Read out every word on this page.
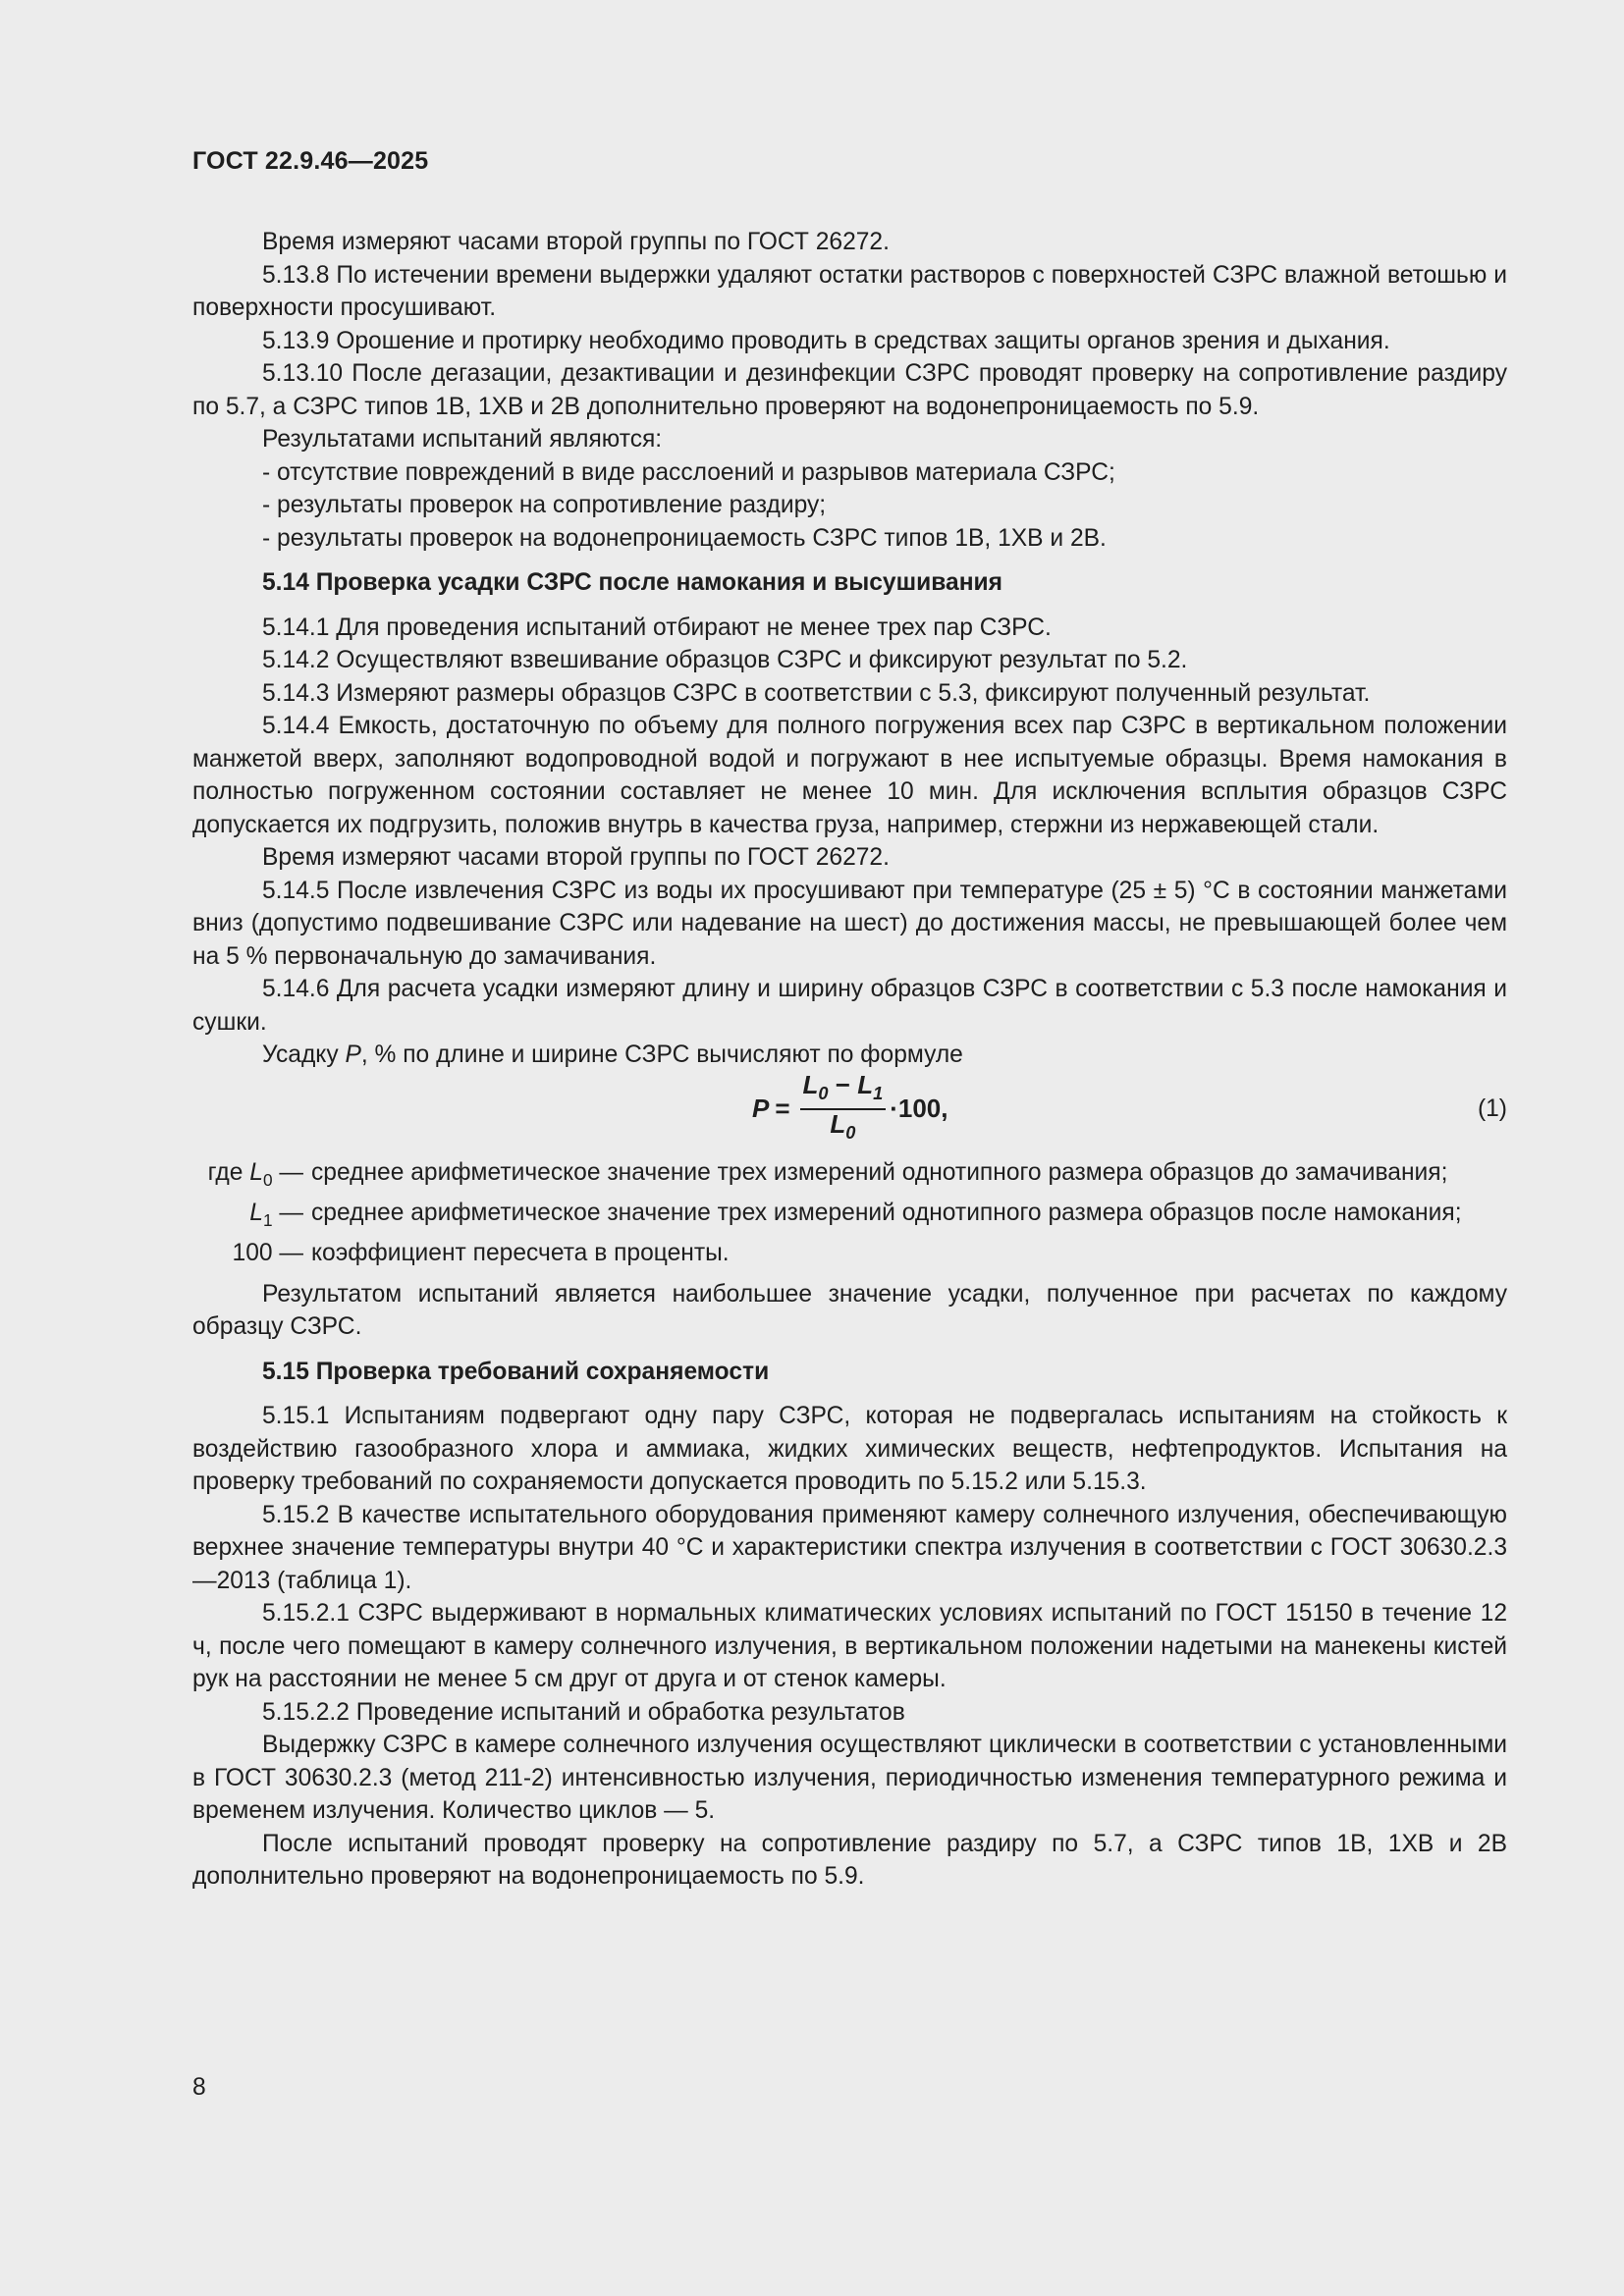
ГОСТ 22.9.46—2025

Время измеряют часами второй группы по ГОСТ 26272.

5.13.8 По истечении времени выдержки удаляют остатки растворов с поверхностей СЗРС влажной ветошью и поверхности просушивают.

5.13.9 Орошение и протирку необходимо проводить в средствах защиты органов зрения и дыхания.

5.13.10 После дегазации, дезактивации и дезинфекции СЗРС проводят проверку на сопротивление раздиру по 5.7, а СЗРС типов 1В, 1ХВ и 2В дополнительно проверяют на водонепроницаемость по 5.9.

Результатами испытаний являются:

- отсутствие повреждений в виде расслоений и разрывов материала СЗРС;

- результаты проверок на сопротивление раздиру;

- результаты проверок на водонепроницаемость СЗРС типов 1В, 1ХВ и 2В.

5.14 Проверка усадки СЗРС после намокания и высушивания

5.14.1 Для проведения испытаний отбирают не менее трех пар СЗРС.

5.14.2 Осуществляют взвешивание образцов СЗРС и фиксируют результат по 5.2.

5.14.3 Измеряют размеры образцов СЗРС в соответствии с 5.3, фиксируют полученный результат.

5.14.4 Емкость, достаточную по объему для полного погружения всех пар СЗРС в вертикальном положении манжетой вверх, заполняют водопроводной водой и погружают в нее испытуемые образцы. Время намокания в полностью погруженном состоянии составляет не менее 10 мин. Для исключения всплытия образцов СЗРС допускается их подгрузить, положив внутрь в качества груза, например, стержни из нержавеющей стали.

Время измеряют часами второй группы по ГОСТ 26272.

5.14.5 После извлечения СЗРС из воды их просушивают при температуре (25 ± 5) °С в состоянии манжетами вниз (допустимо подвешивание СЗРС или надевание на шест) до достижения массы, не превышающей более чем на 5 % первоначальную до замачивания.

5.14.6 Для расчета усадки измеряют длину и ширину образцов СЗРС в соответствии с 5.3 после намокания и сушки.

Усадку P, % по длине и ширине СЗРС вычисляют по формуле

$P = \frac{L_0 - L_1}{L_0} \cdot 100$,	(1)
где $L_0$ — среднее арифметическое значение трех измерений однотипного размера образцов до замачивания;
$L_1$ — среднее арифметическое значение трех измерений однотипного размера образцов после намокания;
100 — коэффициент пересчета в проценты.

Результатом испытаний является наибольшее значение усадки, полученное при расчетах по каждому образцу СЗРС.

5.15 Проверка требований сохраняемости

5.15.1 Испытаниям подвергают одну пару СЗРС, которая не подвергалась испытаниям на стойкость к воздействию газообразного хлора и аммиака, жидких химических веществ, нефтепродуктов. Испытания на проверку требований по сохраняемости допускается проводить по 5.15.2 или 5.15.3.

5.15.2 В качестве испытательного оборудования применяют камеру солнечного излучения, обеспечивающую верхнее значение температуры внутри 40 °С и характеристики спектра излучения в соответствии с ГОСТ 30630.2.3—2013 (таблица 1).

5.15.2.1 СЗРС выдерживают в нормальных климатических условиях испытаний по ГОСТ 15150 в течение 12 ч, после чего помещают в камеру солнечного излучения, в вертикальном положении надетыми на манекены кистей рук на расстоянии не менее 5 см друг от друга и от стенок камеры.

5.15.2.2 Проведение испытаний и обработка результатов

Выдержку СЗРС в камере солнечного излучения осуществляют циклически в соответствии с установленными в ГОСТ 30630.2.3 (метод 211-2) интенсивностью излучения, периодичностью изменения температурного режима и временем излучения. Количество циклов — 5.

После испытаний проводят проверку на сопротивление раздиру по 5.7, а СЗРС типов 1В, 1ХВ и 2В дополнительно проверяют на водонепроницаемость по 5.9.

8
